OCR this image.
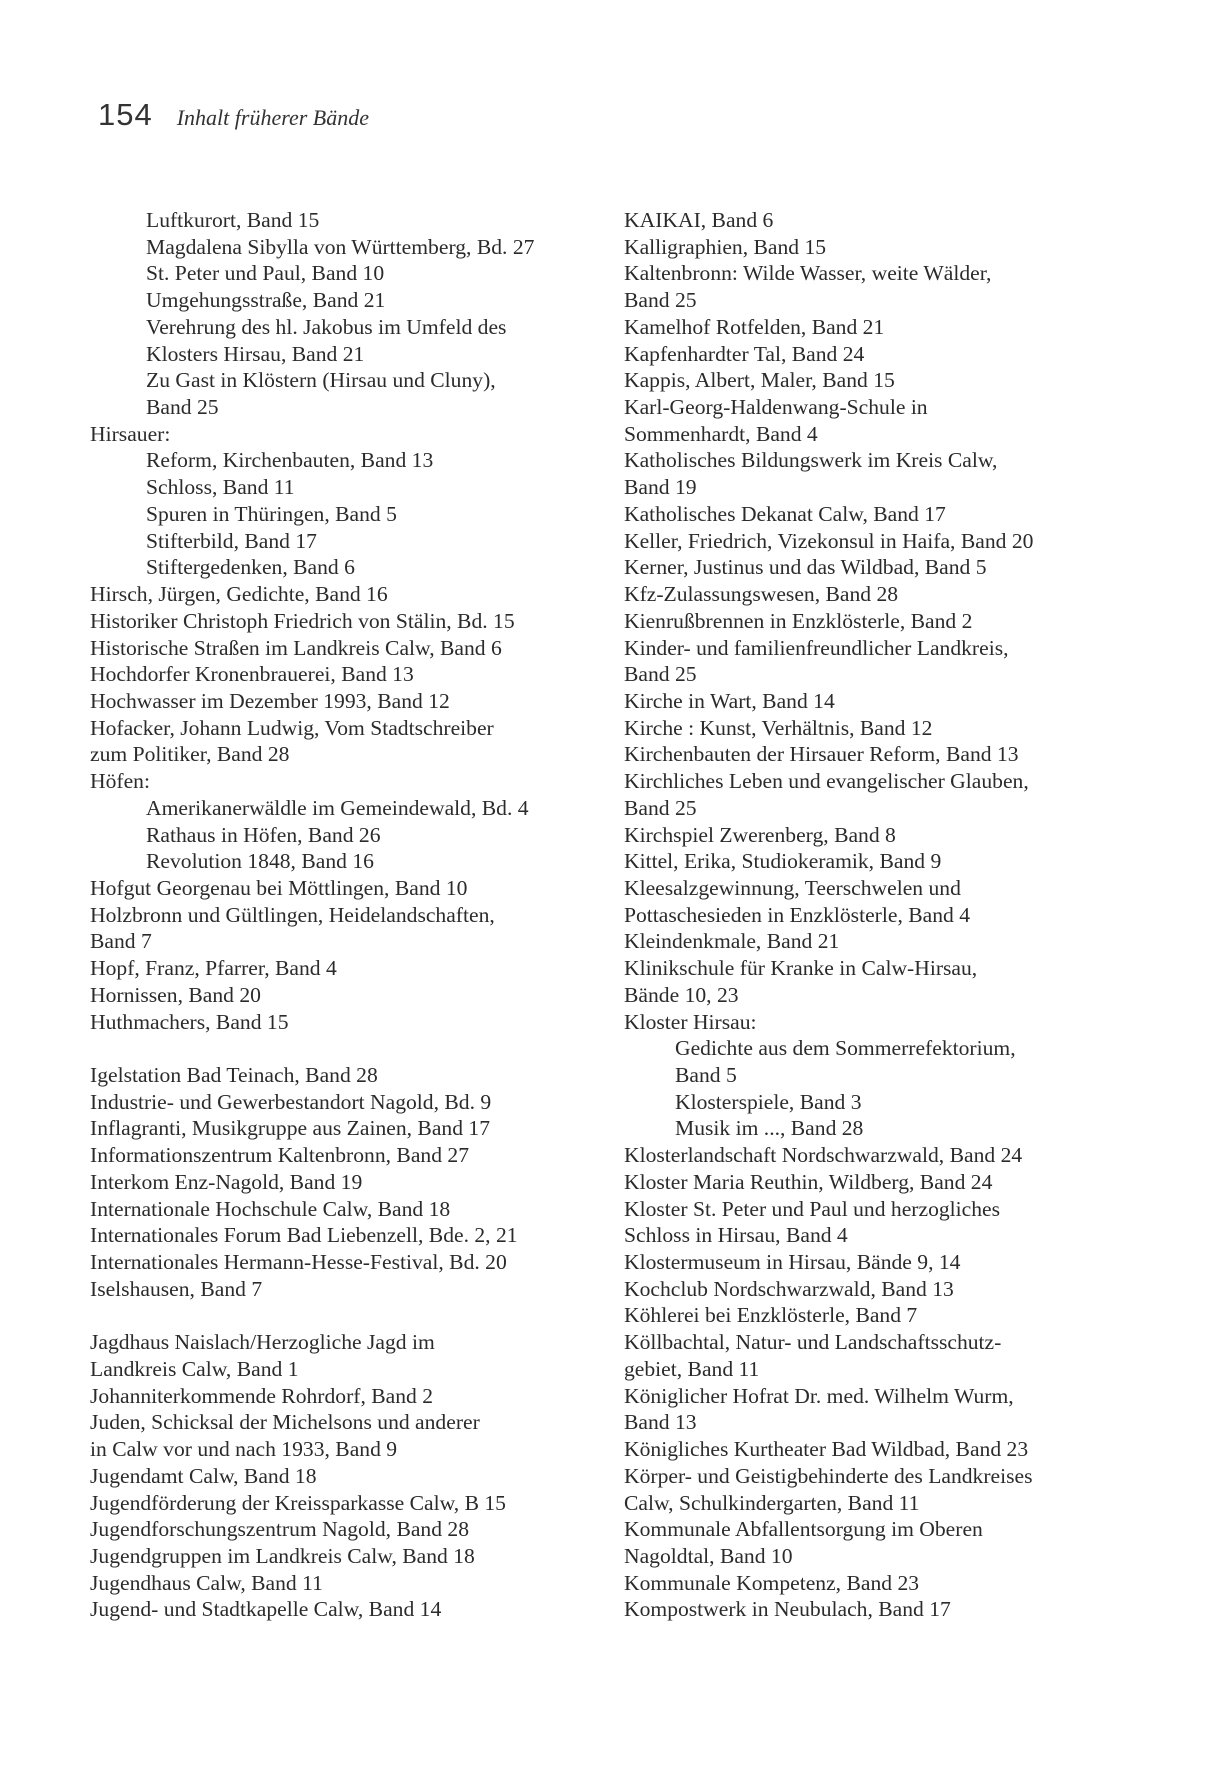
154 Inhalt früherer Bände
Luftkurort, Band 15
Magdalena Sibylla von Württemberg, Bd. 27
St. Peter und Paul, Band 10
Umgehungsstraße, Band 21
Verehrung des hl. Jakobus im Umfeld des
Klosters Hirsau, Band 21
Zu Gast in Klöstern (Hirsau und Cluny),
Band 25
Hirsauer:
Reform, Kirchenbauten, Band 13
Schloss, Band 11
Spuren in Thüringen, Band 5
Stifterbild, Band 17
Stiftergedenken, Band 6
Hirsch, Jürgen, Gedichte, Band 16
Historiker Christoph Friedrich von Stälin, Bd. 15
Historische Straßen im Landkreis Calw, Band 6
Hochdorfer Kronenbrauerei, Band 13
Hochwasser im Dezember 1993, Band 12
Hofacker, Johann Ludwig, Vom Stadtschreiber
zum Politiker, Band 28
Höfen:
Amerikanerwäldle im Gemeindewald, Bd. 4
Rathaus in Höfen, Band 26
Revolution 1848, Band 16
Hofgut Georgenau bei Möttlingen, Band 10
Holzbronn und Gültlingen, Heidelandschaften,
Band 7
Hopf, Franz, Pfarrer, Band 4
Hornissen, Band 20
Huthmachers, Band 15
Igelstation Bad Teinach, Band 28
Industrie- und Gewerbestandort Nagold, Bd. 9
Inflagranti, Musikgruppe aus Zainen, Band 17
Informationszentrum Kaltenbronn, Band 27
Interkom Enz-Nagold, Band 19
Internationale Hochschule Calw, Band 18
Internationales Forum Bad Liebenzell, Bde. 2, 21
Internationales Hermann-Hesse-Festival, Bd. 20
Iselshausen, Band 7
Jagdhaus Naislach/Herzogliche Jagd im
Landkreis Calw, Band 1
Johanniterkommende Rohrdorf, Band 2
Juden, Schicksal der Michelsons und anderer
in Calw vor und nach 1933, Band 9
Jugendamt Calw, Band 18
Jugendförderung der Kreissparkasse Calw, B 15
Jugendforschungszentrum Nagold, Band 28
Jugendgruppen im Landkreis Calw, Band 18
Jugendhaus Calw, Band 11
Jugend- und Stadtkapelle Calw, Band 14
KAIKAI, Band 6
Kalligraphien, Band 15
Kaltenbronn: Wilde Wasser, weite Wälder,
Band 25
Kamelhof Rotfelden, Band 21
Kapfenhardter Tal, Band 24
Kappis, Albert, Maler, Band 15
Karl-Georg-Haldenwang-Schule in
Sommenhardt, Band 4
Katholisches Bildungswerk im Kreis Calw,
Band 19
Katholisches Dekanat Calw, Band 17
Keller, Friedrich, Vizekonsul in Haifa, Band 20
Kerner, Justinus und das Wildbad, Band 5
Kfz-Zulassungswesen, Band 28
Kienrußbrennen in Enzklösterle, Band 2
Kinder- und familienfreundlicher Landkreis,
Band 25
Kirche in Wart, Band 14
Kirche : Kunst, Verhältnis, Band 12
Kirchenbauten der Hirsauer Reform, Band 13
Kirchliches Leben und evangelischer Glauben,
Band 25
Kirchspiel Zwerenberg, Band 8
Kittel, Erika, Studiokeramik, Band 9
Kleesalzgewinnung, Teerschwelen und
Pottaschesieden in Enzklösterle, Band 4
Kleindenkmale, Band 21
Klinikschule für Kranke in Calw-Hirsau,
Bände 10, 23
Kloster Hirsau:
Gedichte aus dem Sommerrefektorium,
Band 5
Klosterspiele, Band 3
Musik im ..., Band 28
Klosterlandschaft Nordschwarzwald, Band 24
Kloster Maria Reuthin, Wildberg, Band 24
Kloster St. Peter und Paul und herzogliches
Schloss in Hirsau, Band 4
Klostermuseum in Hirsau, Bände 9, 14
Kochclub Nordschwarzwald, Band 13
Köhlerei bei Enzklösterle, Band 7
Köllbachtal, Natur- und Landschaftsschutz-
gebiet, Band 11
Königlicher Hofrat Dr. med. Wilhelm Wurm,
Band 13
Königliches Kurtheater Bad Wildbad, Band 23
Körper- und Geistigbehinderte des Landkreises
Calw, Schulkindergarten, Band 11
Kommunale Abfallentsorgung im Oberen
Nagoldtal, Band 10
Kommunale Kompetenz, Band 23
Kompostwerk in Neubulach, Band 17
